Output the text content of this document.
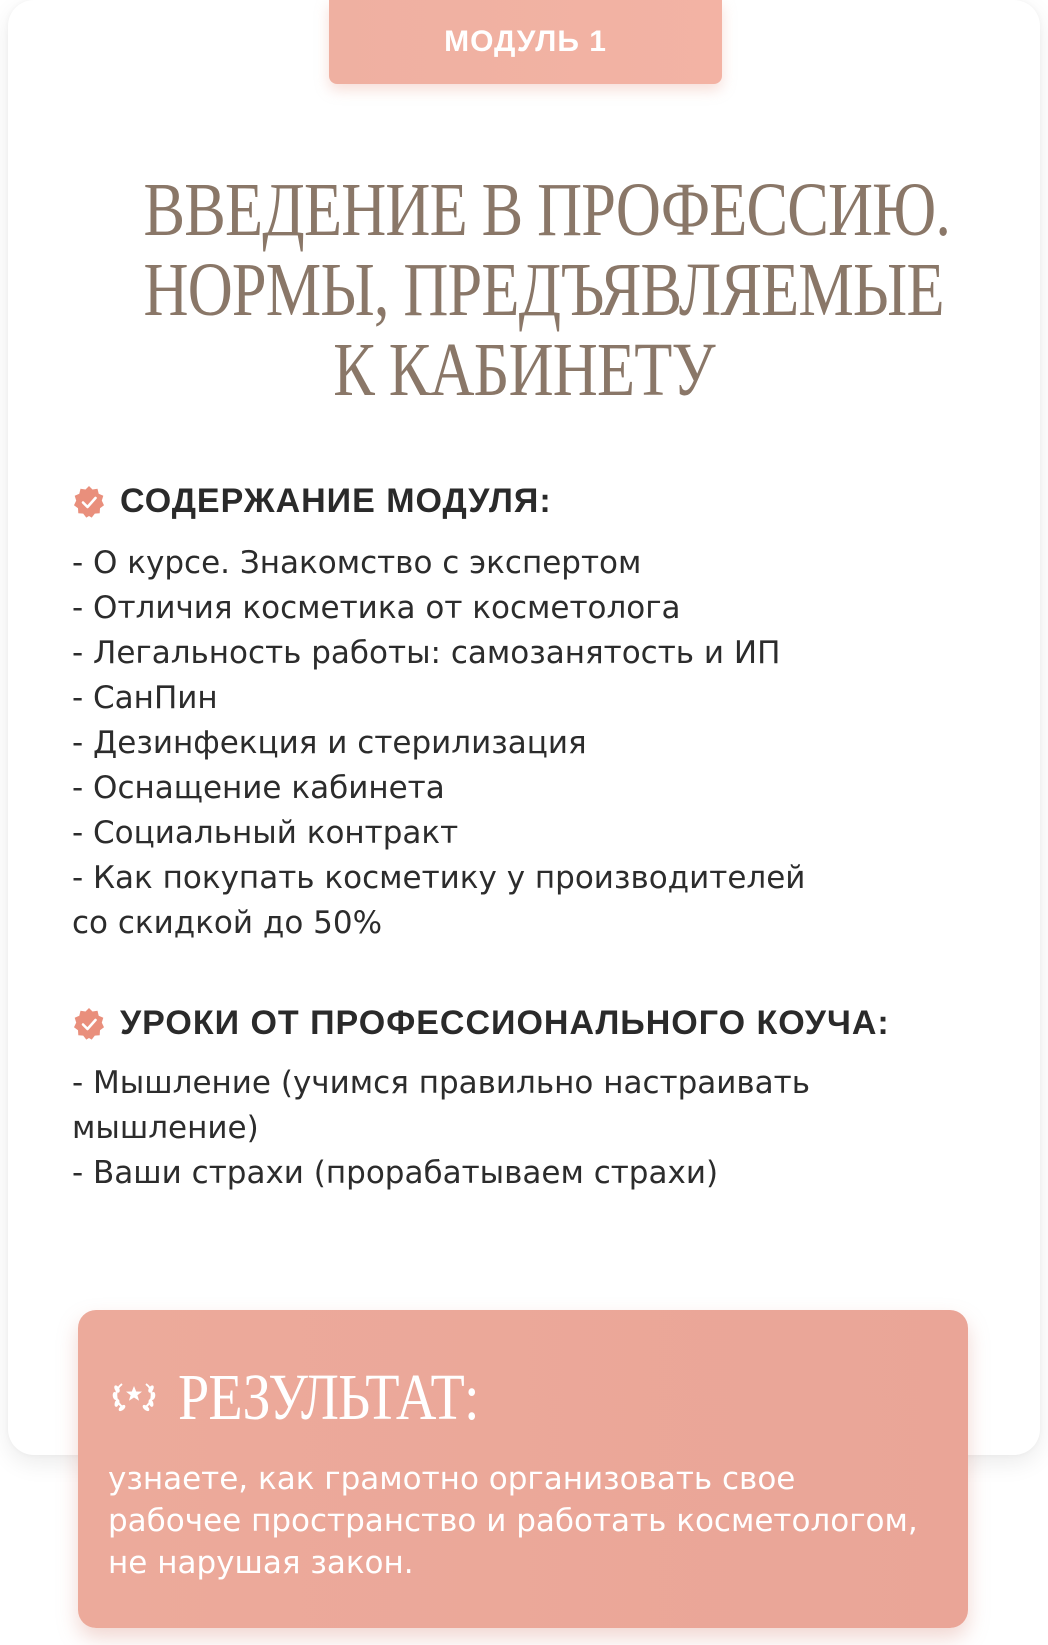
МОДУЛЬ 1
ВВЕДЕНИЕ В ПРОФЕССИЮ.
НОРМЫ, ПРЕДЪЯВЛЯЕМЫЕ
К КАБИНЕТУ
СОДЕРЖАНИЕ МОДУЛЯ:
- О курсе. Знакомство с экспертом
- Отличия косметика от косметолога
- Легальность работы: самозанятость и ИП
- СанПин
- Дезинфекция и стерилизация
- Оснащение кабинета
- Социальный контракт
- Как покупать косметику у производителей
со скидкой до 50%
УРОКИ ОТ ПРОФЕССИОНАЛЬНОГО КОУЧА:
- Мышление (учимся правильно настраивать
мышление)
- Ваши страхи (прорабатываем страхи)
РЕЗУЛЬТАТ:
узнаете, как грамотно организовать свое рабочее пространство и работать косметологом, не нарушая закон.
